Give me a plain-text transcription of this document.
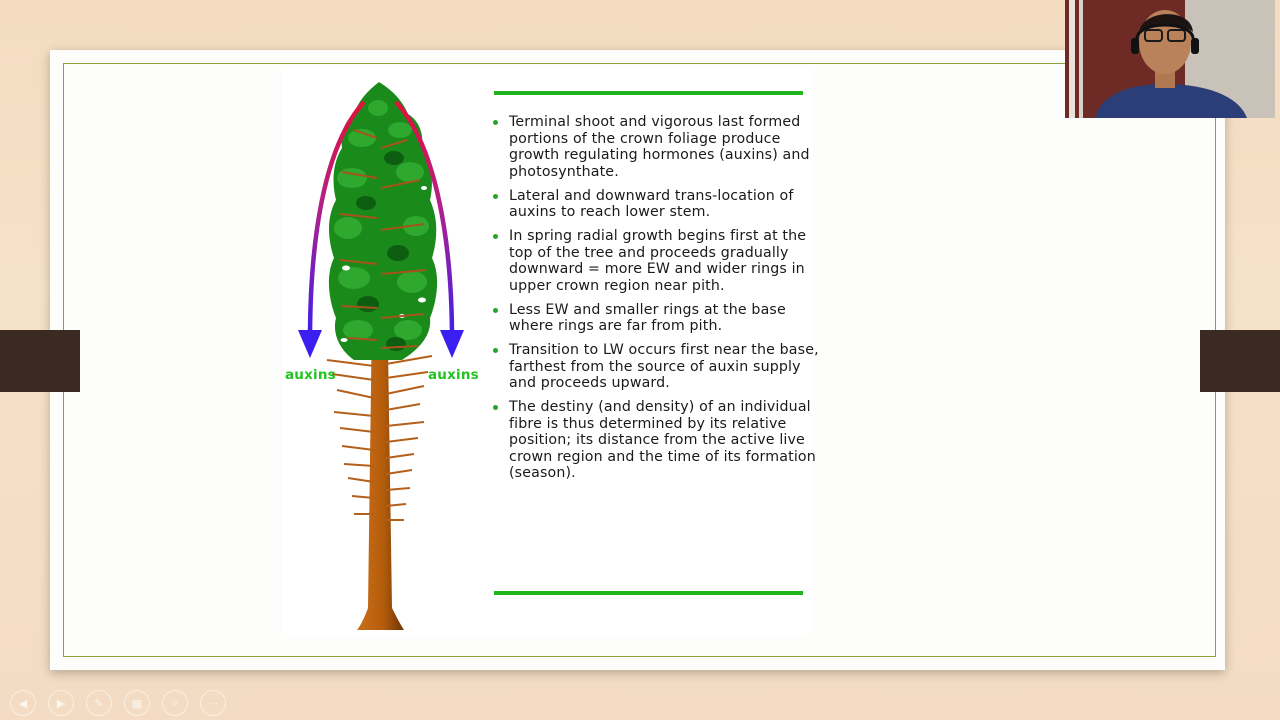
auxins	auxins
Terminal shoot and vigorous last formed portions of the crown foliage produce growth regulating hormones (auxins) and photosynthate.
Lateral and downward trans-location of auxins to reach lower stem.
In spring radial growth begins first at the top of the tree and proceeds gradually downward = more EW and wider rings in upper crown region near pith.
Less EW and smaller rings at the base where rings are far from pith.
Transition to LW occurs first near the base, farthest from the source of auxin supply and proceeds upward.
The destiny (and density) of an individual fibre is thus determined by its relative position; its distance from the active live crown region and the time of its formation (season).
◀	▶	✎	▦	⌕	⋯
